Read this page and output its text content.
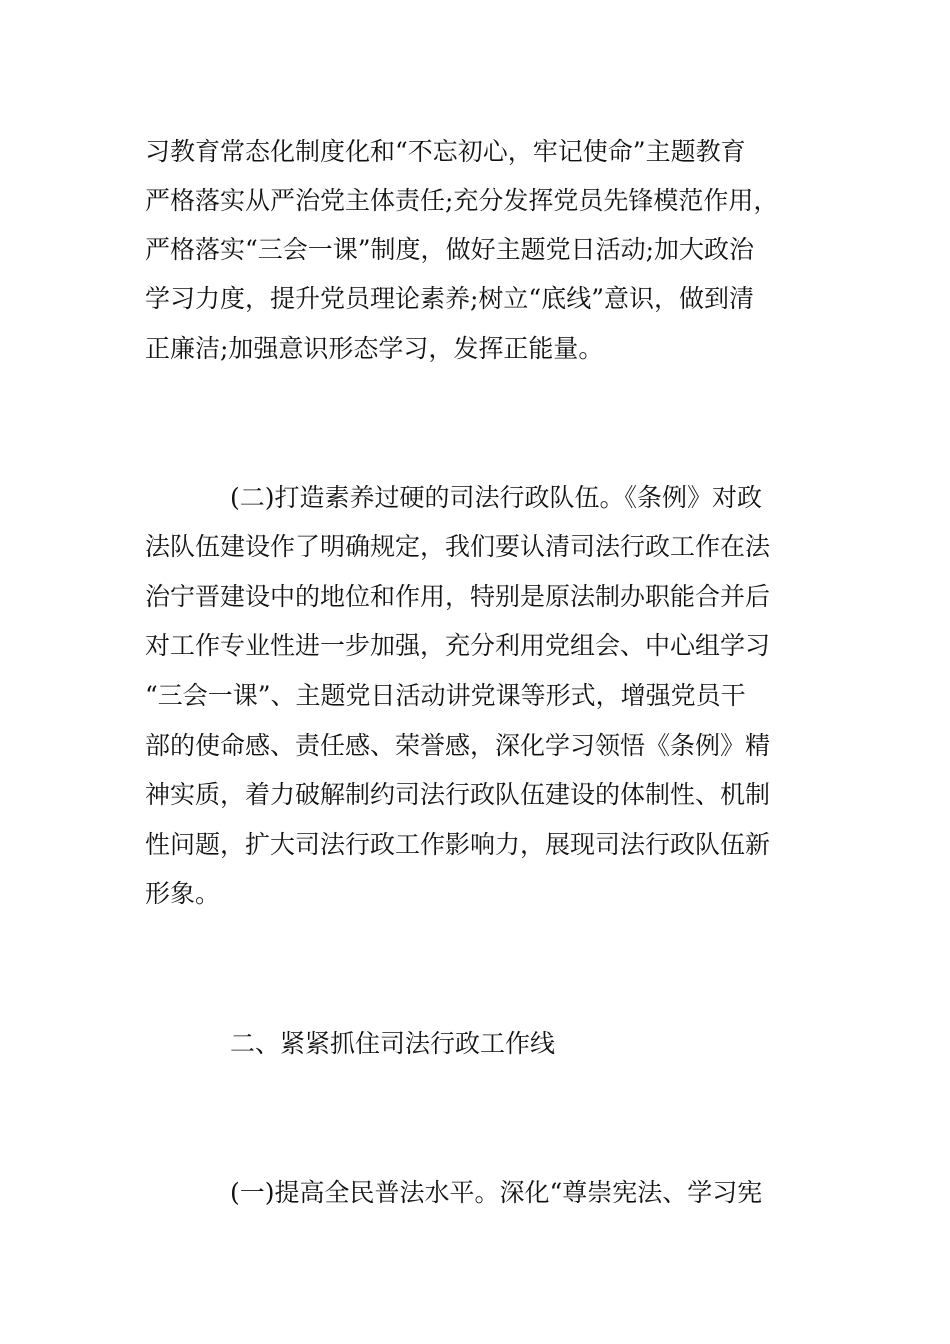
习教育常态化制度化和“不忘初心，牢记使命”主题教育
严格落实从严治党主体责任;充分发挥党员先锋模范作用，
严格落实“三会一课”制度，做好主题党日活动;加大政治
学习力度，提升党员理论素养;树立“底线”意识，做到清
正廉洁;加强意识形态学习，发挥正能量。
(二)打造素养过硬的司法行政队伍。《条例》对政
法队伍建设作了明确规定，我们要认清司法行政工作在法
治宁晋建设中的地位和作用，特别是原法制办职能合并后
对工作专业性进一步加强，充分利用党组会、中心组学习
“三会一课”、主题党日活动讲党课等形式，增强党员干
部的使命感、责任感、荣誉感，深化学习领悟《条例》精
神实质，着力破解制约司法行政队伍建设的体制性、机制
性问题，扩大司法行政工作影响力，展现司法行政队伍新
形象。
二、紧紧抓住司法行政工作线
(一)提高全民普法水平。深化“尊崇宪法、学习宪
